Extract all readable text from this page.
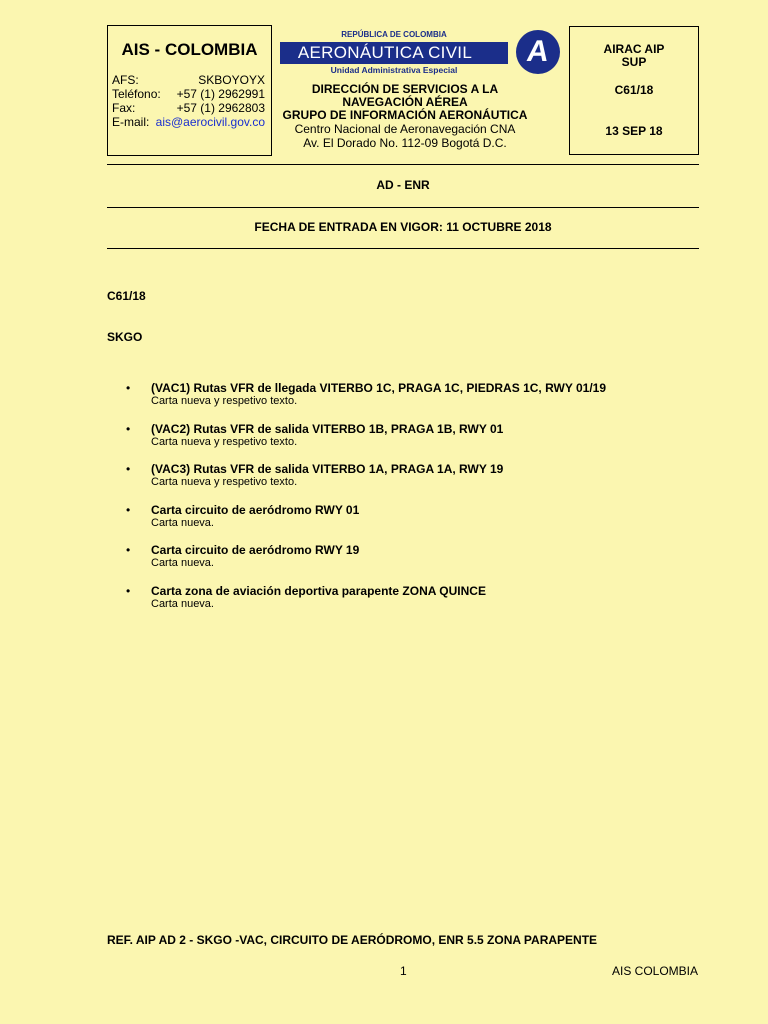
AIS - COLOMBIA
AFS:	SKBOYOYX
Teléfono: +57 (1) 2962991
Fax:	+57 (1) 2962803
E-mail: ais@aerocivil.gov.co
REPÚBLICA DE COLOMBIA
AERONÁUTICA CIVIL
Unidad Administrativa Especial
A
DIRECCIÓN DE SERVICIOS A LA
NAVEGACIÓN AÉREA
GRUPO DE INFORMACIÓN AERONÁUTICA
Centro Nacional de Aeronavegación CNA
Av. El Dorado No. 112-09 Bogotá D.C.
AIRAC AIP
SUP
C61/18
13 SEP 18
AD - ENR
FECHA DE ENTRADA EN VIGOR: 11 OCTUBRE 2018
C61/18
SKGO
• (VAC1) Rutas VFR de llegada VITERBO 1C, PRAGA 1C, PIEDRAS 1C, RWY 01/19
Carta nueva y respetivo texto.
• (VAC2) Rutas VFR de salida VITERBO 1B, PRAGA 1B, RWY 01
Carta nueva y respetivo texto.
• (VAC3) Rutas VFR de salida VITERBO 1A, PRAGA 1A, RWY 19
Carta nueva y respetivo texto.
• Carta circuito de aeródromo RWY 01
Carta nueva.
• Carta circuito de aeródromo RWY 19
Carta nueva.
• Carta zona de aviación deportiva parapente ZONA QUINCE
Carta nueva.
REF. AIP AD 2 - SKGO -VAC, CIRCUITO DE AERÓDROMO, ENR 5.5 ZONA PARAPENTE
1	AIS COLOMBIA
